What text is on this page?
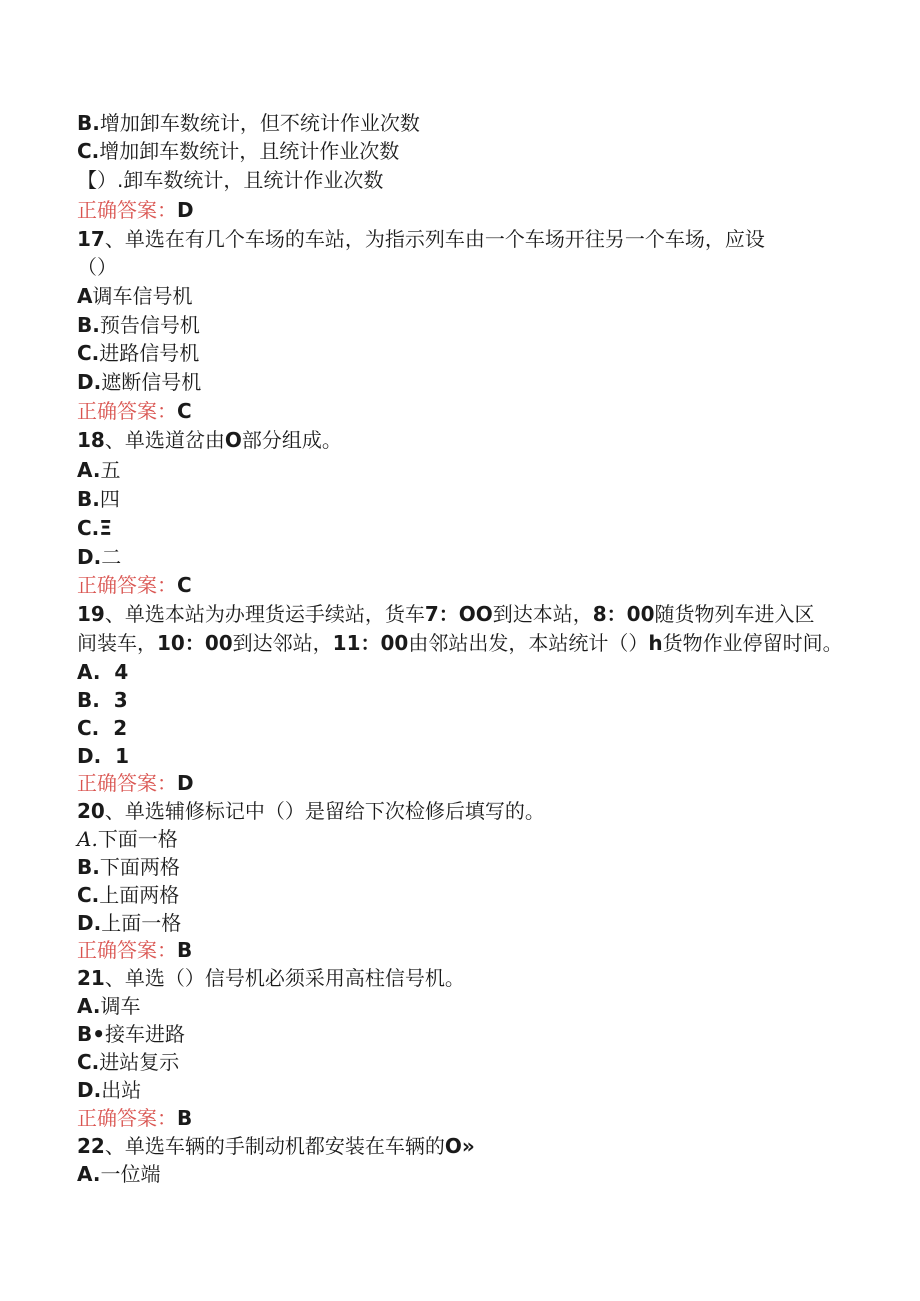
B.增加卸车数统计，但不统计作业次数
C.增加卸车数统计，且统计作业次数
【）.卸车数统计，且统计作业次数
正确答案：D
17、单选在有几个车场的车站，为指示列车由一个车场开往另一个车场，应设
（）
A调车信号机
B.预告信号机
C.进路信号机
D.遮断信号机
正确答案：C
18、单选道岔由O部分组成。
A.五
B.四
C.Ξ
D.二
正确答案：C
19、单选本站为办理货运手续站，货车7：OO到达本站，8：00随货物列车进入区
间装车，10：00到达邻站，11：00由邻站出发，本站统计（）h货物作业停留时间。
A. 4
B. 3
C. 2
D. 1
正确答案：D
20、单选辅修标记中（）是留给下次检修后填写的。
A.下面一格
B.下面两格
C.上面两格
D.上面一格
正确答案：B
21、单选（）信号机必须采用高柱信号机。
A.调车
B•接车进路
C.进站复示
D.出站
正确答案：B
22、单选车辆的手制动机都安装在车辆的O»
A.一位端
